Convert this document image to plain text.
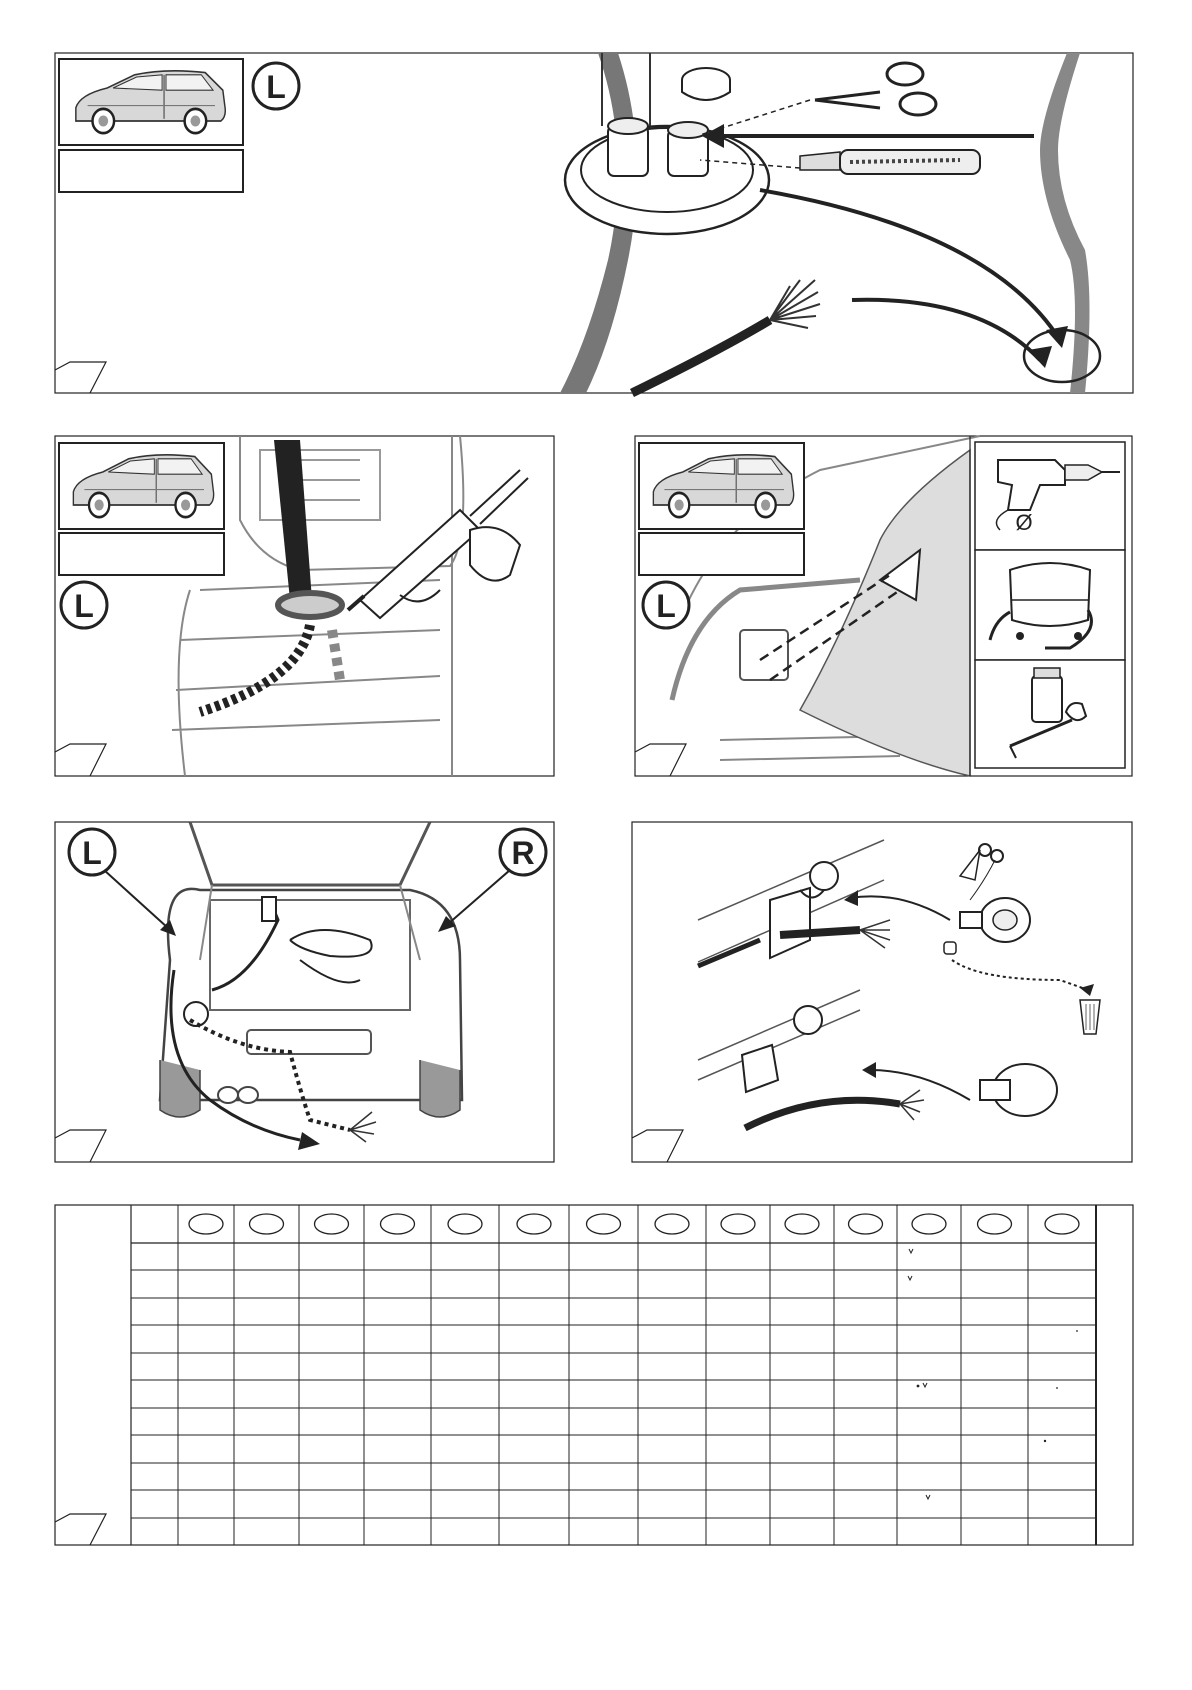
L
L	L
Ø
L	R
